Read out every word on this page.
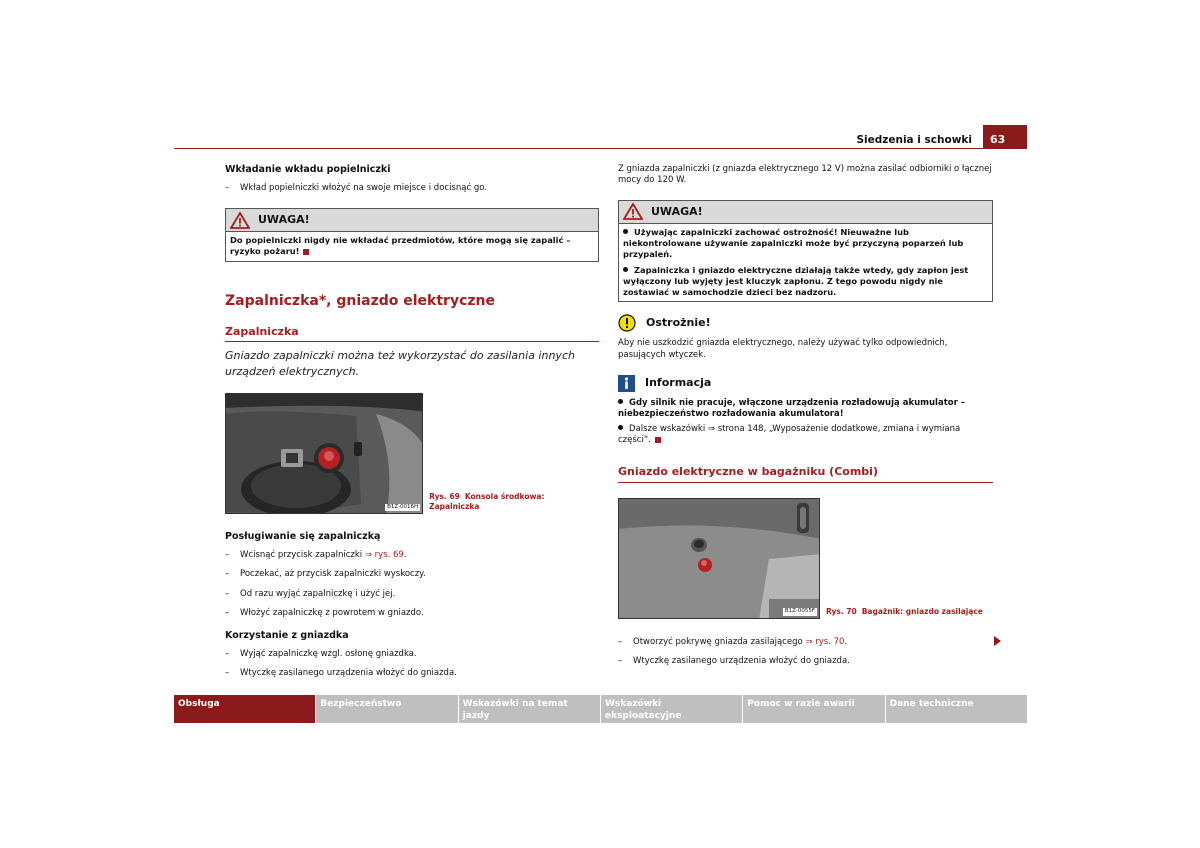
Siedzenia i schowki	63
Wkładanie wkładu popielniczki
– Wkład popielniczki włożyć na swoje miejsce i docisnąć go.
UWAGA!
Do popielniczki nigdy nie wkładać przedmiotów, które mogą się zapalić – ryzyko pożaru!
Zapalniczka*, gniazdo elektryczne
Zapalniczka
Gniazdo zapalniczki można też wykorzystać do zasilania innych urządzeń elektrycznych.
B1Z-0016H
Rys. 69 Konsola środkowa: Zapalniczka
Posługiwanie się zapalniczką
– Wcisnąć przycisk zapalniczki ⇒ rys. 69.
– Poczekać, aż przycisk zapalniczki wyskoczy.
– Od razu wyjąć zapalniczkę i użyć jej.
– Włożyć zapalniczkę z powrotem w gniazdo.
Korzystanie z gniazdka
– Wyjąć zapalniczkę wzgl. osłonę gniazdka.
– Wtyczkę zasilanego urządzenia włożyć do gniazda.
Z gniazda zapalniczki (z gniazda elektrycznego 12 V) można zasilać odbiorniki o łącznej mocy do 120 W.
UWAGA!
Używając zapalniczki zachować ostrożność! Nieuważne lub niekontrolowane używanie zapalniczki może być przyczyną poparzeń lub przypaleń.
Zapalniczka i gniazdo elektryczne działają także wtedy, gdy zapłon jest wyłączony lub wyjęty jest kluczyk zapłonu. Z tego powodu nigdy nie zostawiać w samochodzie dzieci bez nadzoru.
Ostrożnie!
Aby nie uszkodzić gniazda elektrycznego, należy używać tylko odpowiednich, pasujących wtyczek.
Informacja
Gdy silnik nie pracuje, włączone urządzenia rozładowują akumulator – niebezpieczeństwo rozładowania akumulatora!
Dalsze wskazówki ⇒ strona 148, „Wyposażenie dodatkowe, zmiana i wymiana części“.
Gniazdo elektryczne w bagażniku (Combi)
B1Z-0055F Rys. 70 Bagażnik: gniazdo zasilające
– Otworzyć pokrywę gniazda zasilającego ⇒ rys. 70.
– Wtyczkę zasilanego urządzenia włożyć do gniazda.
Obsługa	Bezpieczeństwo	Wskazówki na temat jazdy
Wskazówki eksploatacyjne
Pomoc w razie awarii	Dane techniczne
